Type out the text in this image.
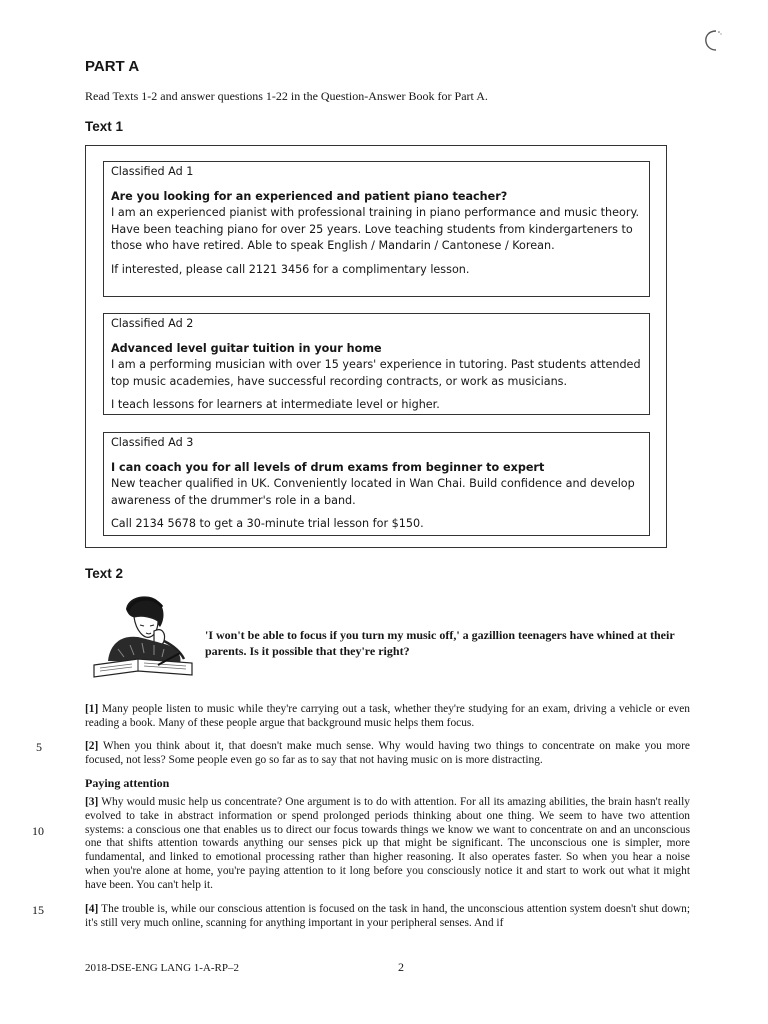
PART A
Read Texts 1-2 and answer questions 1-22 in the Question-Answer Book for Part A.
Text 1
Classified Ad 1
Are you looking for an experienced and patient piano teacher?
I am an experienced pianist with professional training in piano performance and music theory. Have been teaching piano for over 25 years. Love teaching students from kindergarteners to those who have retired. Able to speak English / Mandarin / Cantonese / Korean.
If interested, please call 2121 3456 for a complimentary lesson.
Classified Ad 2
Advanced level guitar tuition in your home
I am a performing musician with over 15 years' experience in tutoring. Past students attended top music academies, have successful recording contracts, or work as musicians.
I teach lessons for learners at intermediate level or higher.
Classified Ad 3
I can coach you for all levels of drum exams from beginner to expert
New teacher qualified in UK. Conveniently located in Wan Chai. Build confidence and develop awareness of the drummer's role in a band.
Call 2134 5678 to get a 30-minute trial lesson for $150.
Text 2
'I won't be able to focus if you turn my music off,' a gazillion teenagers have whined at their parents. Is it possible that they're right?
[1] Many people listen to music while they're carrying out a task, whether they're studying for an exam, driving a vehicle or even reading a book. Many of these people argue that background music helps them focus.
[2] When you think about it, that doesn't make much sense. Why would having two things to concentrate on make you more focused, not less? Some people even go so far as to say that not having music on is more distracting.
Paying attention
[3] Why would music help us concentrate? One argument is to do with attention. For all its amazing abilities, the brain hasn't really evolved to take in abstract information or spend prolonged periods thinking about one thing. We seem to have two attention systems: a conscious one that enables us to direct our focus towards things we know we want to concentrate on and an unconscious one that shifts attention towards anything our senses pick up that might be significant. The unconscious one is simpler, more fundamental, and linked to emotional processing rather than higher reasoning. It also operates faster. So when you hear a noise when you're alone at home, you're paying attention to it long before you consciously notice it and start to work out what it might have been. You can't help it.
[4] The trouble is, while our conscious attention is focused on the task in hand, the unconscious attention system doesn't shut down; it's still very much online, scanning for anything important in your peripheral senses. And if
5
10
15
2018-DSE-ENG LANG 1-A-RP–2	2
